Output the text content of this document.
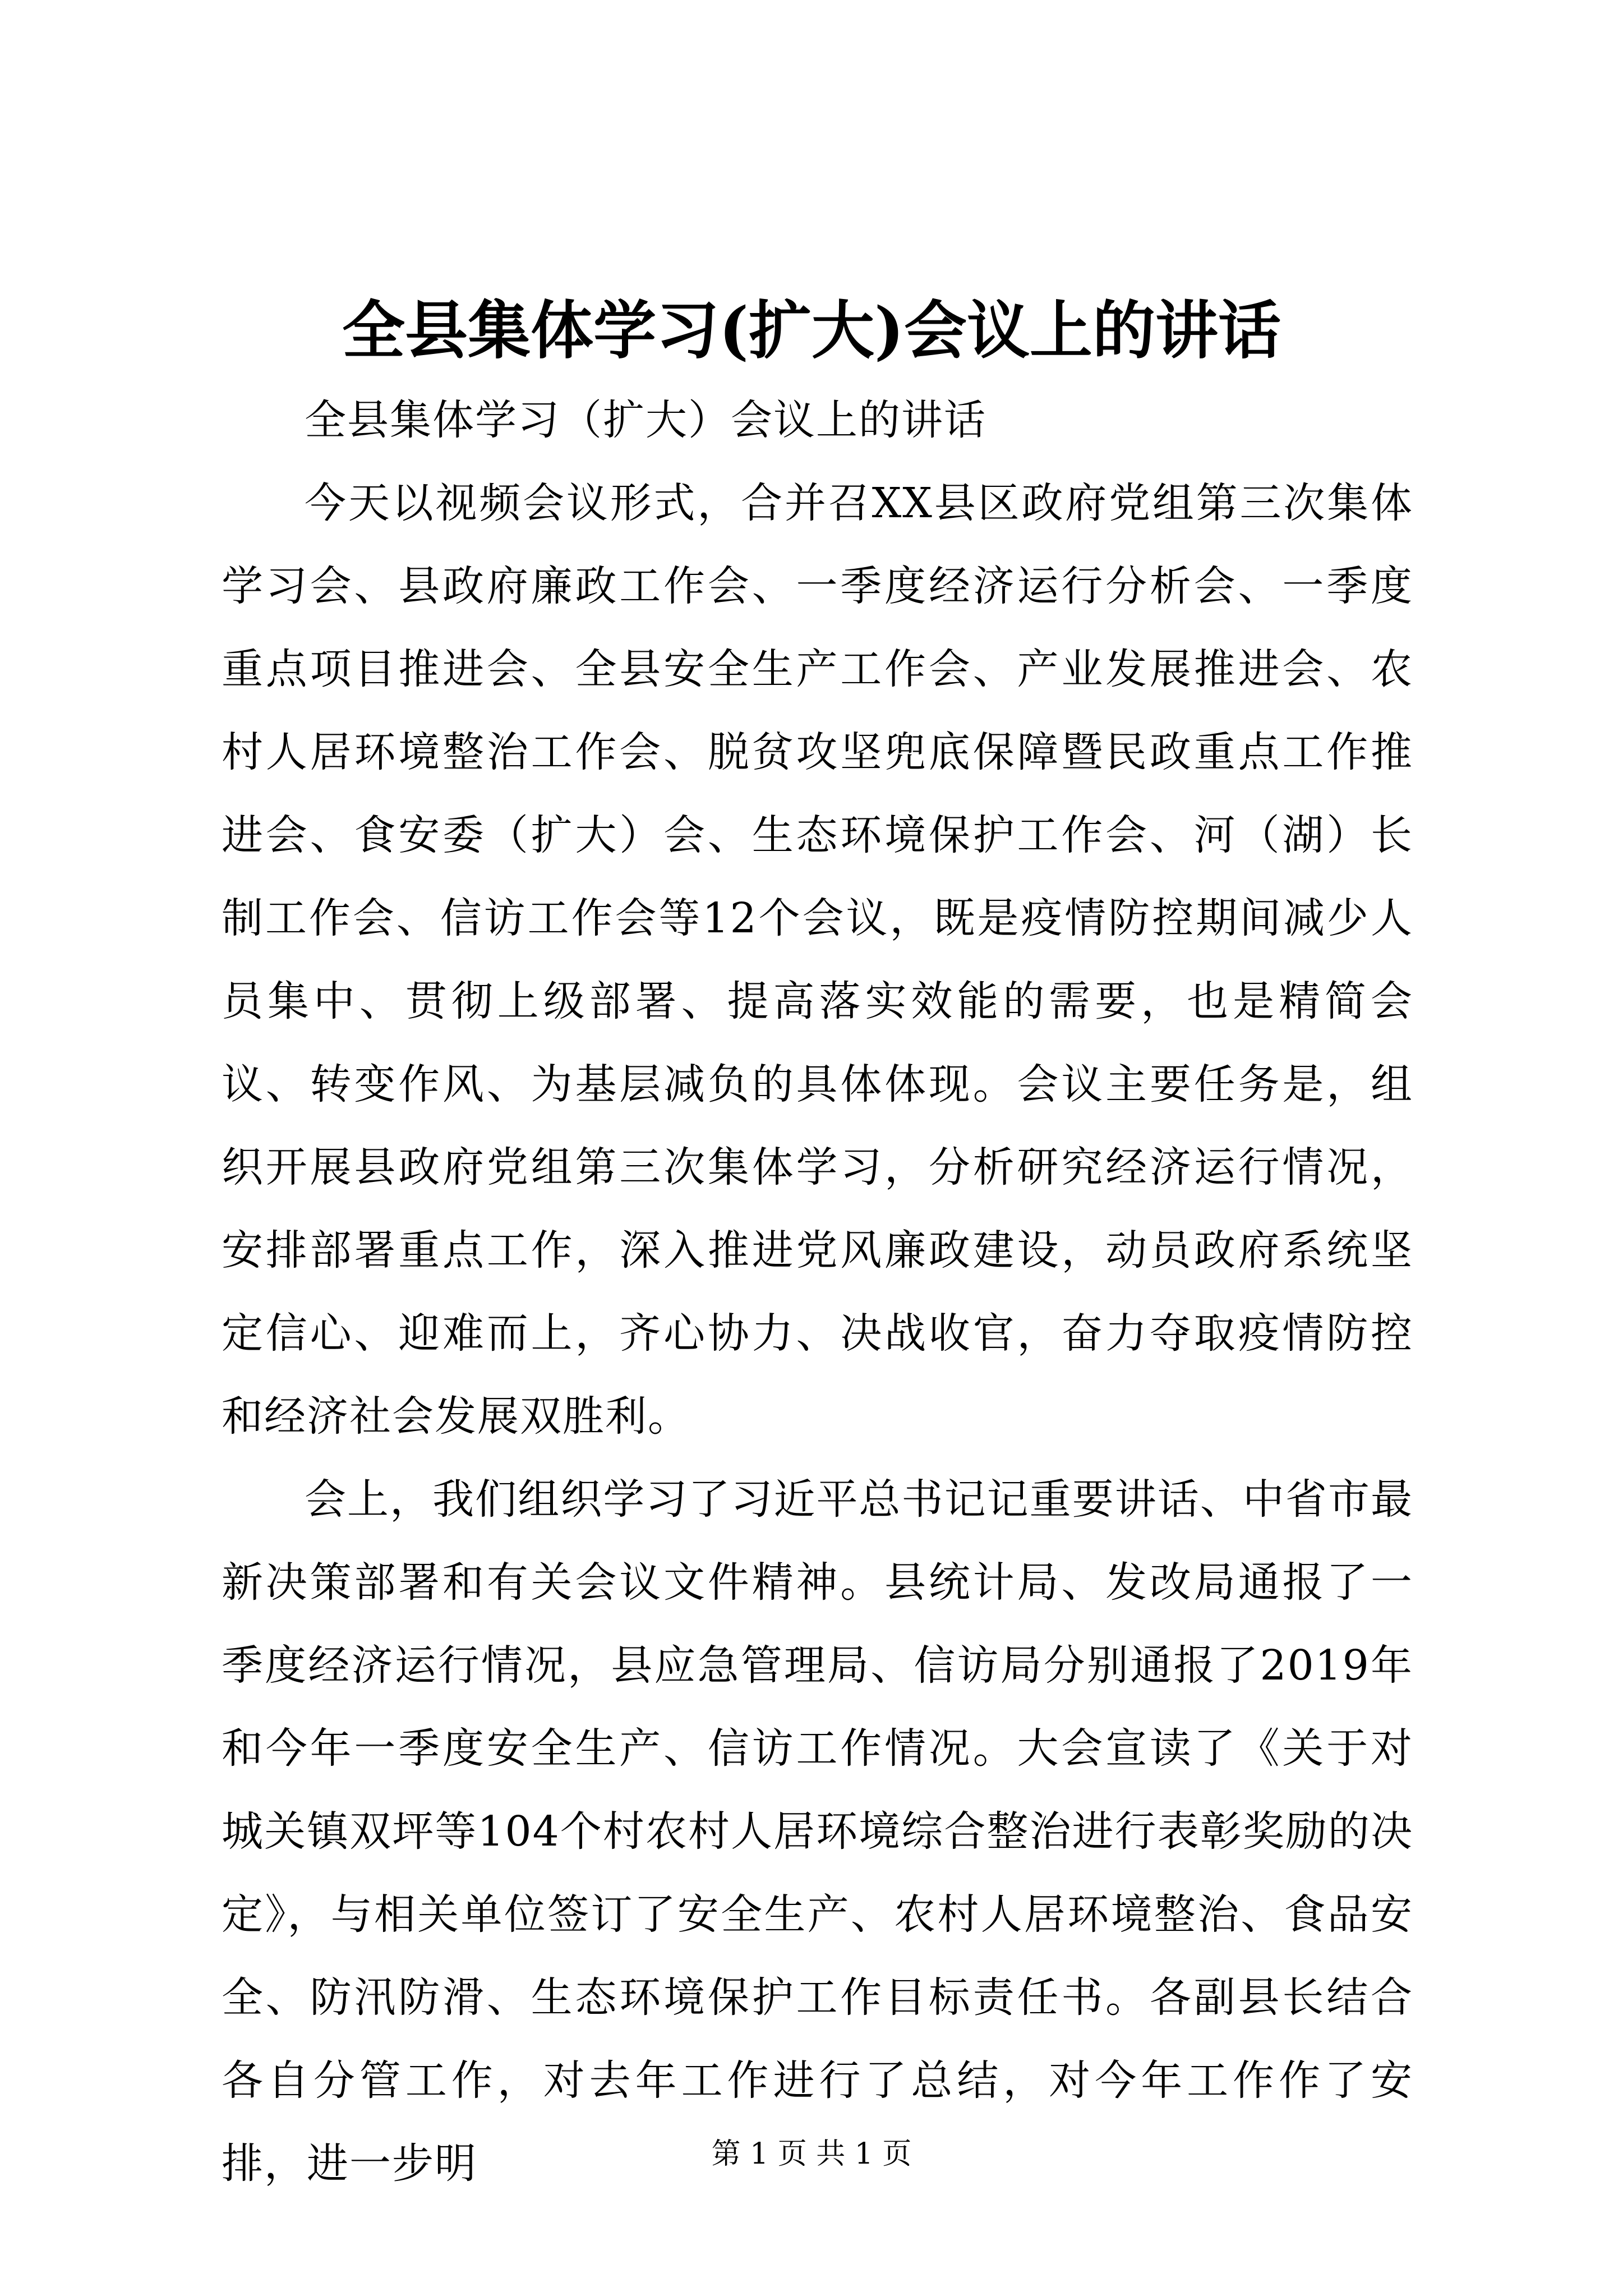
全县集体学习(扩大)会议上的讲话

全县集体学习（扩大）会议上的讲话

今天以视频会议形式，合并召XX县区政府党组第三次集体学习会、县政府廉政工作会、一季度经济运行分析会、一季度重点项目推进会、全县安全生产工作会、产业发展推进会、农村人居环境整治工作会、脱贫攻坚兜底保障暨民政重点工作推进会、食安委（扩大）会、生态环境保护工作会、河（湖）长制工作会、信访工作会等12个会议，既是疫情防控期间减少人员集中、贯彻上级部署、提高落实效能的需要，也是精简会议、转变作风、为基层减负的具体体现。会议主要任务是，组织开展县政府党组第三次集体学习，分析研究经济运行情况，安排部署重点工作，深入推进党风廉政建设，动员政府系统坚定信心、迎难而上，齐心协力、决战收官，奋力夺取疫情防控和经济社会发展双胜利。

会上，我们组织学习了习近平总书记记重要讲话、中省市最新决策部署和有关会议文件精神。县统计局、发改局通报了一季度经济运行情况，县应急管理局、信访局分别通报了2019年和今年一季度安全生产、信访工作情况。大会宣读了《关于对城关镇双坪等104个村农村人居环境综合整治进行表彰奖励的决定》，与相关单位签订了安全生产、农村人居环境整治、食品安全、防汛防滑、生态环境保护工作目标责任书。各副县长结合各自分管工作，对去年工作进行了总结，对今年工作作了安排，进一步明	第 1 页 共 1 页
